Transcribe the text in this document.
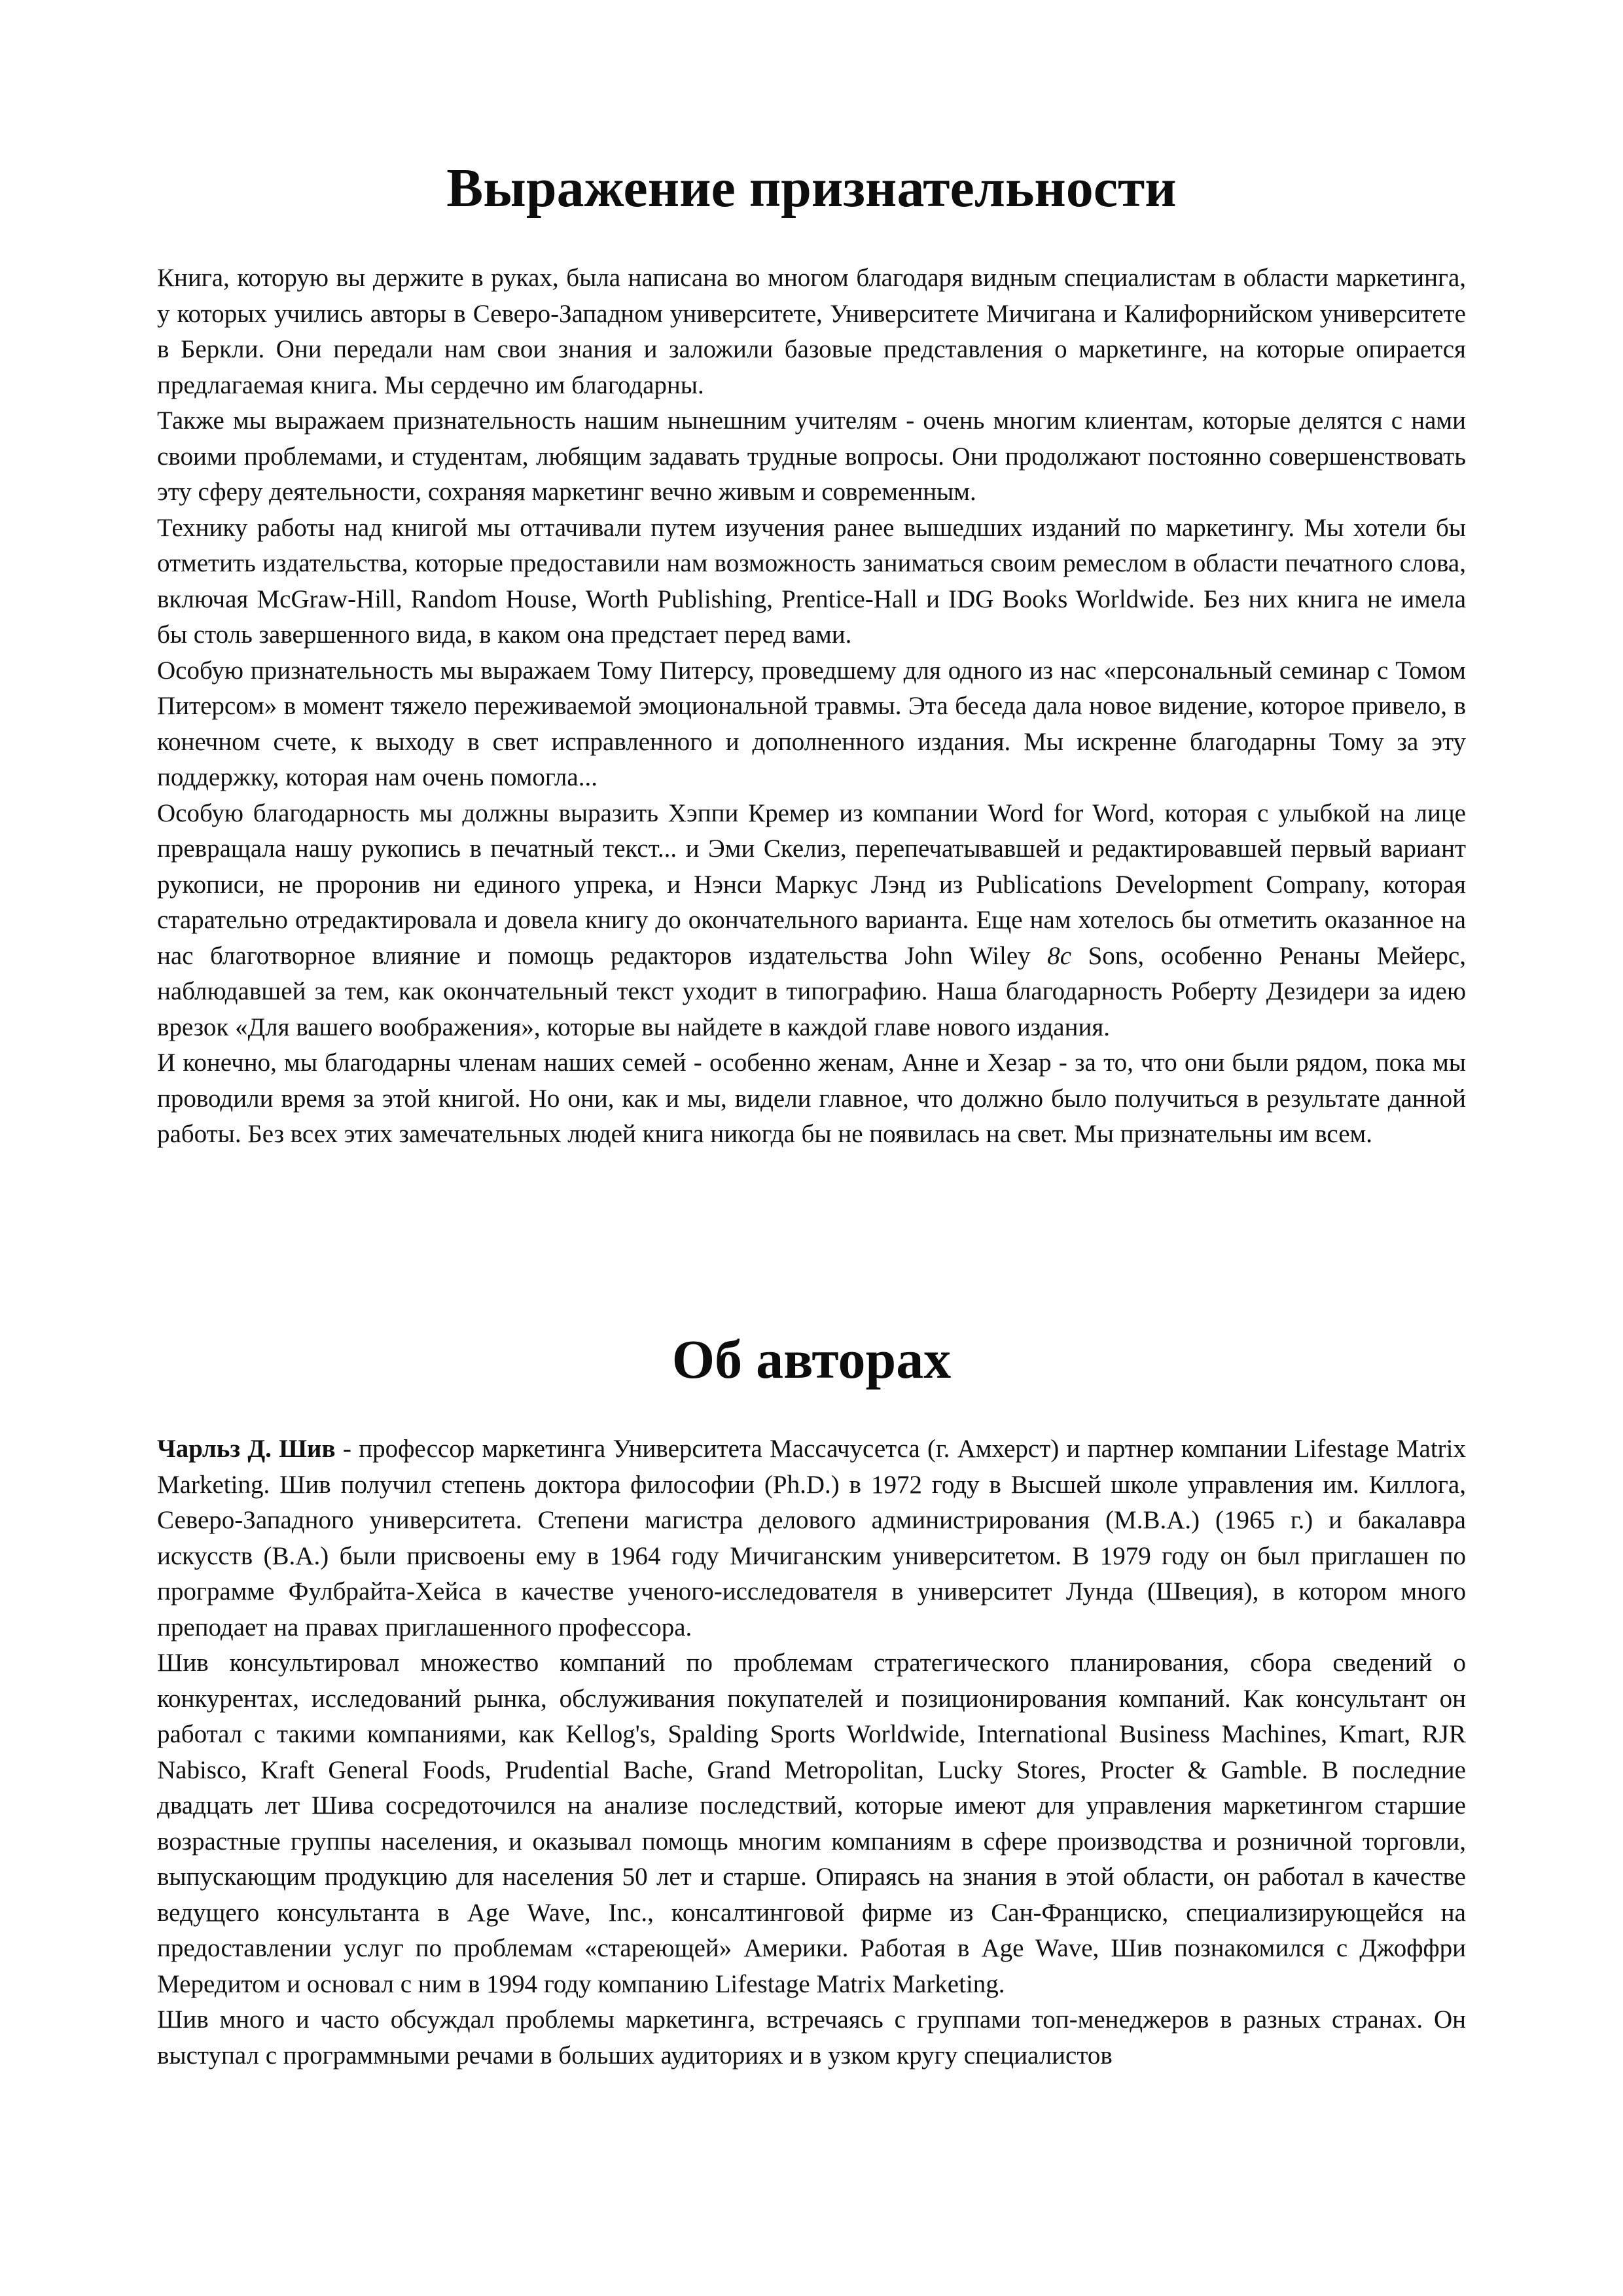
Выражение признательности

Книга, которую вы держите в руках, была написана во многом благодаря видным специалистам в области маркетинга, у которых учились авторы в Северо-Западном университете, Университете Мичигана и Калифорнийском университете в Беркли. Они передали нам свои знания и заложили базовые представления о маркетинге, на которые опирается предлагаемая книга. Мы сердечно им благодарны.

Также мы выражаем признательность нашим нынешним учителям - очень многим клиентам, которые делятся с нами своими проблемами, и студентам, любящим задавать трудные вопросы. Они продолжают постоянно совершенствовать эту сферу деятельности, сохраняя маркетинг вечно живым и современным.

Технику работы над книгой мы оттачивали путем изучения ранее вышедших изданий по маркетингу. Мы хотели бы отметить издательства, которые предоставили нам возможность заниматься своим ремеслом в области печатного слова, включая McGraw-Hill, Random House, Worth Publishing, Prentice-Hall и IDG Books Worldwide. Без них книга не имела бы столь завершенного вида, в каком она предстает перед вами.

Особую признательность мы выражаем Тому Питерсу, проведшему для одного из нас «персональный семинар с Томом Питерсом» в момент тяжело переживаемой эмоциональной травмы. Эта беседа дала новое видение, которое привело, в конечном счете, к выходу в свет исправленного и дополненного издания. Мы искренне благодарны Тому за эту поддержку, которая нам очень помогла...

Особую благодарность мы должны выразить Хэппи Кремер из компании Word for Word, которая с улыбкой на лице превращала нашу рукопись в печатный текст... и Эми Скелиз, перепечатывавшей и редактировавшей первый вариант рукописи, не проронив ни единого упрека, и Нэнси Маркус Лэнд из Publications Development Company, которая старательно отредактировала и довела книгу до окончательного варианта. Еще нам хотелось бы отметить оказанное на нас благотворное влияние и помощь редакторов издательства John Wiley 8c Sons, особенно Ренаны Мейерс, наблюдавшей за тем, как окончательный текст уходит в типографию. Наша благодарность Роберту Дезидери за идею врезок «Для вашего воображения», которые вы найдете в каждой главе нового издания.

И конечно, мы благодарны членам наших семей - особенно женам, Анне и Хезар - за то, что они были рядом, пока мы проводили время за этой книгой. Но они, как и мы, видели главное, что должно было получиться в результате данной работы. Без всех этих замечательных людей книга никогда бы не появилась на свет. Мы признательны им всем.

Об авторах

Чарльз Д. Шив - профессор маркетинга Университета Массачусетса (г. Амхерст) и партнер компании Lifestage Matrix Marketing. Шив получил степень доктора философии (Ph.D.) в 1972 году в Высшей школе управления им. Киллога, Северо-Западного университета. Степени магистра делового администрирования (M.B.A.) (1965 г.) и бакалавра искусств (B.A.) были присвоены ему в 1964 году Мичиганским университетом. В 1979 году он был приглашен по программе Фулбрайта-Хейса в качестве ученого-исследователя в университет Лунда (Швеция), в котором много преподает на правах приглашенного профессора.

Шив консультировал множество компаний по проблемам стратегического планирования, сбора сведений о конкурентах, исследований рынка, обслуживания покупателей и позиционирования компаний. Как консультант он работал с такими компаниями, как Kellog's, Spalding Sports Worldwide, International Business Machines, Kmart, RJR Nabisco, Kraft General Foods, Prudential Bache, Grand Metropolitan, Lucky Stores, Procter & Gamble. В последние двадцать лет Шива сосредоточился на анализе последствий, которые имеют для управления маркетингом старшие возрастные группы населения, и оказывал помощь многим компаниям в сфере производства и розничной торговли, выпускающим продукцию для населения 50 лет и старше. Опираясь на знания в этой области, он работал в качестве ведущего консультанта в Age Wave, Inc., консалтинговой фирме из Сан-Франциско, специализирующейся на предоставлении услуг по проблемам «стареющей» Америки. Работая в Age Wave, Шив познакомился с Джоффри Мередитом и основал с ним в 1994 году компанию Lifestage Matrix Marketing.

Шив много и часто обсуждал проблемы маркетинга, встречаясь с группами топ-менеджеров в разных странах. Он выступал с программными речами в больших аудиториях и в узком кругу специалистов
